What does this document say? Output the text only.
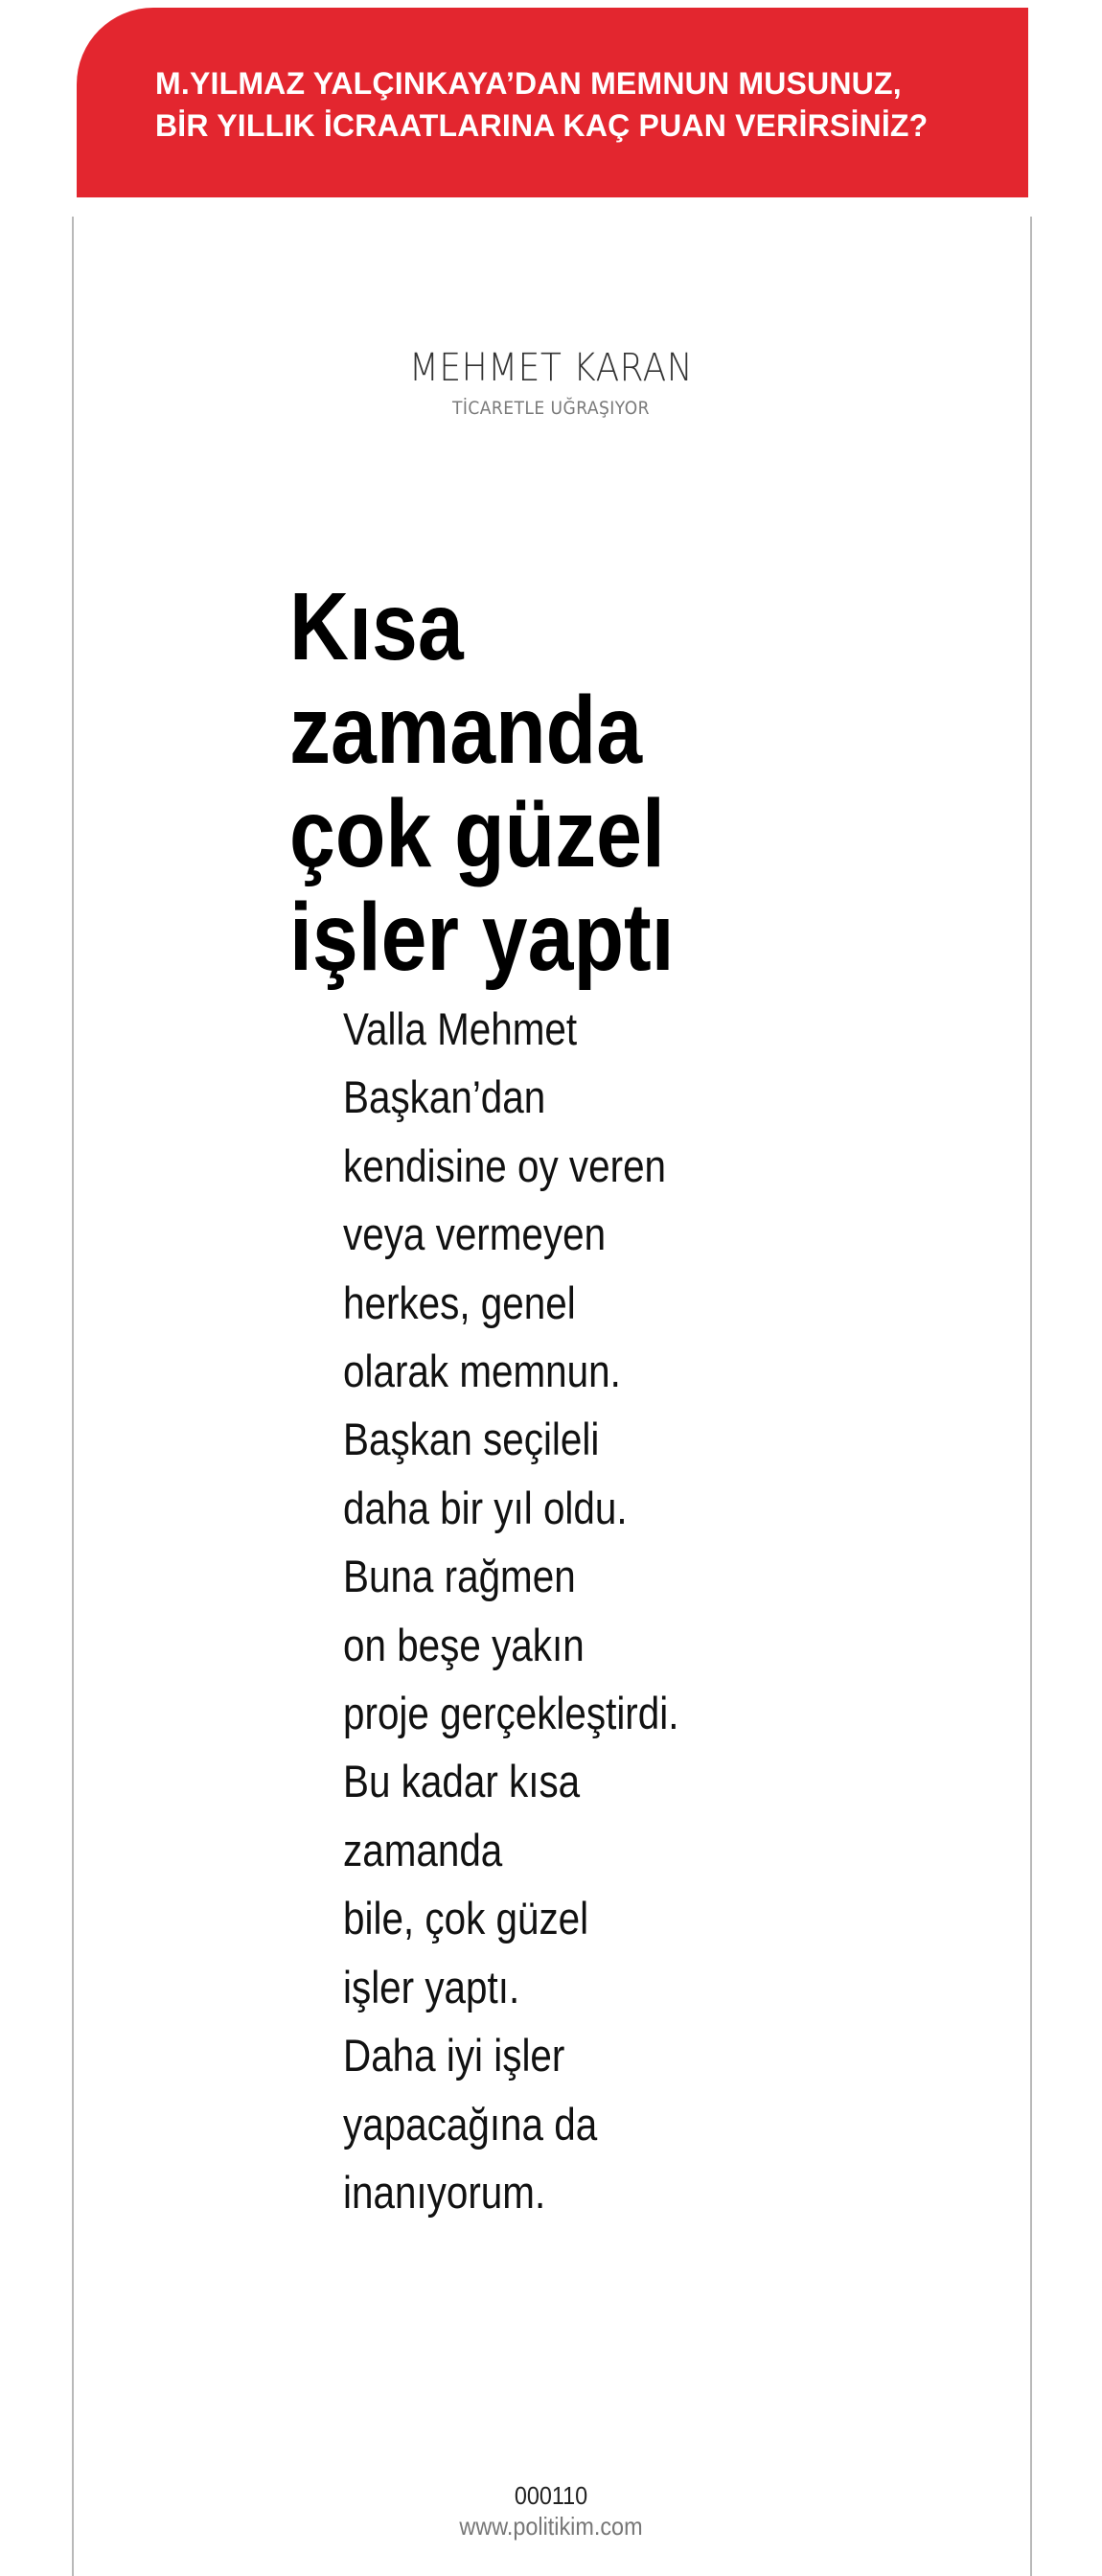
M.YILMAZ YALÇINKAYA’DAN MEMNUN MUSUNUZ,
BİR YILLIK İCRAATLARINA KAÇ PUAN VERİRSİNİZ?
MEHMET KARAN
TİCARETLE UĞRAŞIYOR
Kısa
zamanda
çok güzel
işler yaptı
Valla Mehmet
Başkan’dan
kendisine oy veren
veya vermeyen
herkes, genel
olarak memnun.
Başkan seçileli
daha bir yıl oldu.
Buna rağmen
on beşe yakın
proje gerçekleştirdi.
Bu kadar kısa
zamanda
bile, çok güzel
işler yaptı.
Daha iyi işler
yapacağına da
inanıyorum.
000110
www.politikim.com
